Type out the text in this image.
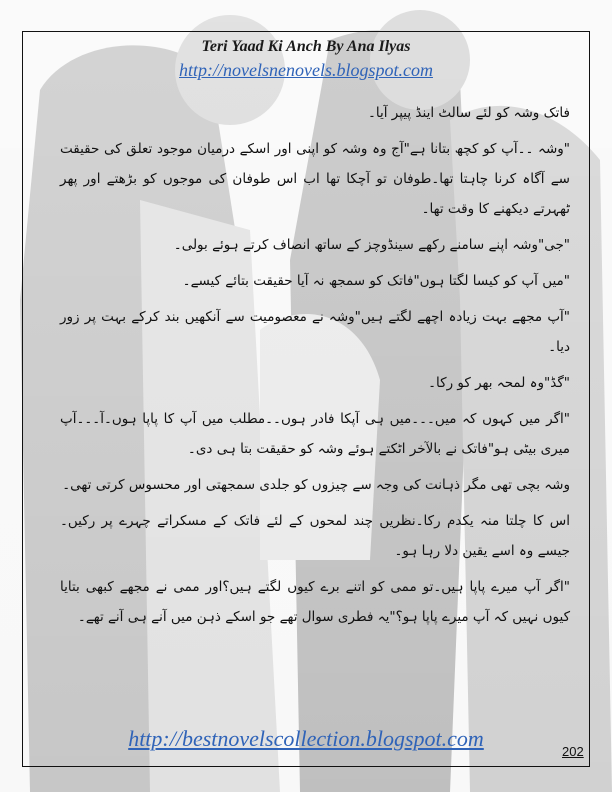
Teri Yaad Ki Anch By Ana Ilyas
http://novelsnenovels.blogspot.com

فاتک وشہ کو لئے سالٹ اینڈ پیپر آیا۔

"وشہ ۔۔آپ کو کچھ بتانا ہے"آج وہ وشہ کو اپنی اور اسکے درمیان موجود تعلق کی حقیقت سے آگاہ کرنا چاہتا تھا۔طوفان تو آچکا تھا اب اس طوفان کی موجوں کو بڑھتے اور پھر ٹھہرتے دیکھنے کا وقت تھا۔

"جی"وشہ اپنے سامنے رکھے سینڈوچز کے ساتھ انصاف کرتے ہوئے بولی۔

"میں آپ کو کیسا لگتا ہوں"فاتک کو سمجھ نہ آیا حقیقت بتائے کیسے۔

"آپ مجھے بہت زیادہ اچھے لگتے ہیں"وشہ نے معصومیت سے آنکھیں بند کرکے بہت پر زور دیا۔

"گڈ"وہ لمحہ بھر کو رکا۔

"اگر میں کہوں کہ میں۔۔۔میں ہی آپکا فادر ہوں۔۔مطلب میں آپ کا پاپا ہوں۔آ۔۔۔آپ میری بیٹی ہو"فاتک نے بالآخر اٹکتے ہوئے وشہ کو حقیقت بتا ہی دی۔

وشہ بچی تھی مگر ذہانت کی وجہ سے چیزوں کو جلدی سمجھتی اور محسوس کرتی تھی۔

اس کا چلتا منہ یکدم رکا۔نظریں چند لمحوں کے لئے فاتک کے مسکراتے چہرے پر رکیں۔جیسے وہ اسے یقین دلا رہا ہو۔

"اگر آپ میرے پاپا ہیں۔تو ممی کو اتنے برے کیوں لگتے ہیں؟اور ممی نے مجھے کبھی بتایا کیوں نہیں کہ آپ میرے پاپا ہو؟"یہ فطری سوال تھے جو اسکے ذہن میں آنے ہی آنے تھے۔

http://bestnovelscollection.blogspot.com
202
